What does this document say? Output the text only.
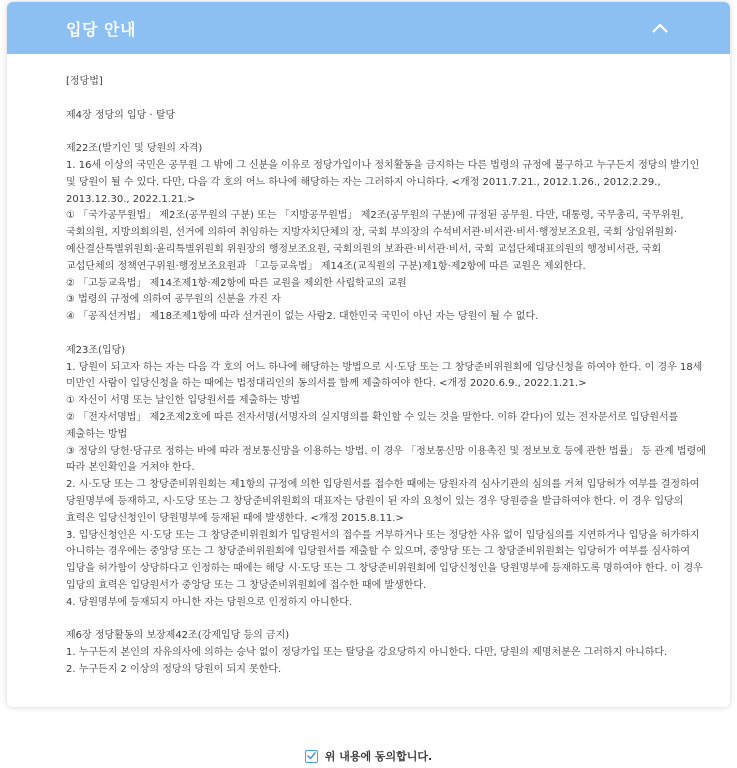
입당 안내

[정당법]

제4장 정당의 입당 · 탈당

제22조(발기인 및 당원의 자격)

1. 16세 이상의 국민은 공무원 그 밖에 그 신분을 이유로 정당가입이나 정치활동을 금지하는 다른 법령의 규정에 불구하고 누구든지 정당의 발기인 및 당원이 될 수 있다. 다만, 다음 각 호의 어느 하나에 해당하는 자는 그러하지 아니하다. <개정 2011.7.21., 2012.1.26., 2012.2.29., 2013.12.30., 2022.1.21.>

① 「국가공무원법」 제2조(공무원의 구분) 또는 「지방공무원법」 제2조(공무원의 구분)에 규정된 공무원. 다만, 대통령, 국무총리, 국무위원, 국회의원, 지방의회의원, 선거에 의하여 취임하는 지방자치단체의 장, 국회 부의장의 수석비서관·비서관·비서·행정보조요원, 국회 상임위원회·예산결산특별위원회·윤리특별위원회 위원장의 행정보조요원, 국회의원의 보좌관·비서관·비서, 국회 교섭단체대표의원의 행정비서관, 국회 교섭단체의 정책연구위원·행정보조요원과 「고등교육법」 제14조(교직원의 구분)제1항·제2항에 따른 교원은 제외한다.

② 「고등교육법」 제14조제1항·제2항에 따른 교원을 제외한 사립학교의 교원

③ 법령의 규정에 의하여 공무원의 신분을 가진 자

④ 「공직선거법」 제18조제1항에 따라 선거권이 없는 사람2. 대한민국 국민이 아닌 자는 당원이 될 수 없다.

제23조(입당)

1. 당원이 되고자 하는 자는 다음 각 호의 어느 하나에 해당하는 방법으로 시·도당 또는 그 창당준비위원회에 입당신청을 하여야 한다. 이 경우 18세 미만인 사람이 입당신청을 하는 때에는 법정대리인의 동의서를 함께 제출하여야 한다. <개정 2020.6.9., 2022.1.21.>

① 자신이 서명 또는 날인한 입당원서를 제출하는 방법

② 「전자서명법」 제2조제2호에 따른 전자서명(서명자의 실지명의를 확인할 수 있는 것을 말한다. 이하 같다)이 있는 전자문서로 입당원서를 제출하는 방법

③ 정당의 당헌·당규로 정하는 바에 따라 정보통신망을 이용하는 방법. 이 경우 「정보통신망 이용촉진 및 정보보호 등에 관한 법률」 등 관계 법령에 따라 본인확인을 거쳐야 한다.

2. 시·도당 또는 그 창당준비위원회는 제1항의 규정에 의한 입당원서를 접수한 때에는 당원자격 심사기관의 심의를 거쳐 입당허가 여부를 결정하여 당원명부에 등재하고, 시·도당 또는 그 창당준비위원회의 대표자는 당원이 된 자의 요청이 있는 경우 당원증을 발급하여야 한다. 이 경우 입당의 효력은 입당신청인이 당원명부에 등재된 때에 발생한다. <개정 2015.8.11.>

3. 입당신청인은 시·도당 또는 그 창당준비위원회가 입당원서의 접수를 거부하거나 또는 정당한 사유 없이 입당심의를 지연하거나 입당을 허가하지 아니하는 경우에는 중앙당 또는 그 창당준비위원회에 입당원서를 제출할 수 있으며, 중앙당 또는 그 창당준비위원회는 입당허가 여부를 심사하여 입당을 허가함이 상당하다고 인정하는 때에는 해당 시·도당 또는 그 창당준비위원회에 입당신청인을 당원명부에 등재하도록 명하여야 한다. 이 경우 입당의 효력은 입당원서가 중앙당 또는 그 창당준비위원회에 접수한 때에 발생한다.

4. 당원명부에 등재되지 아니한 자는 당원으로 인정하지 아니한다.

제6장 정당활동의 보장제42조(강제입당 등의 금지)

1. 누구든지 본인의 자유의사에 의하는 승낙 없이 정당가입 또는 탈당을 강요당하지 아니한다. 다만, 당원의 제명처분은 그러하지 아니하다.

2. 누구든지 2 이상의 정당의 당원이 되지 못한다.

위 내용에 동의합니다.
